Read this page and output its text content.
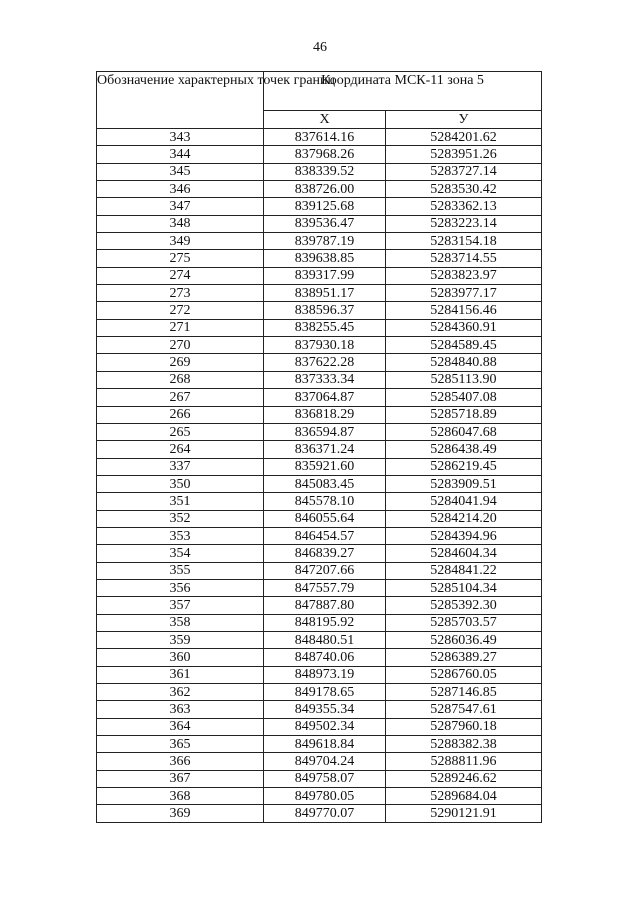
46
Обозначение характерных точек границ	Координата МСК-11 зона 5	
	X	У
343	837614.16	5284201.62
344	837968.26	5283951.26
345	838339.52	5283727.14
346	838726.00	5283530.42
347	839125.68	5283362.13
348	839536.47	5283223.14
349	839787.19	5283154.18
275	839638.85	5283714.55
274	839317.99	5283823.97
273	838951.17	5283977.17
272	838596.37	5284156.46
271	838255.45	5284360.91
270	837930.18	5284589.45
269	837622.28	5284840.88
268	837333.34	5285113.90
267	837064.87	5285407.08
266	836818.29	5285718.89
265	836594.87	5286047.68
264	836371.24	5286438.49
337	835921.60	5286219.45
350	845083.45	5283909.51
351	845578.10	5284041.94
352	846055.64	5284214.20
353	846454.57	5284394.96
354	846839.27	5284604.34
355	847207.66	5284841.22
356	847557.79	5285104.34
357	847887.80	5285392.30
358	848195.92	5285703.57
359	848480.51	5286036.49
360	848740.06	5286389.27
361	848973.19	5286760.05
362	849178.65	5287146.85
363	849355.34	5287547.61
364	849502.34	5287960.18
365	849618.84	5288382.38
366	849704.24	5288811.96
367	849758.07	5289246.62
368	849780.05	5289684.04
369	849770.07	5290121.91
